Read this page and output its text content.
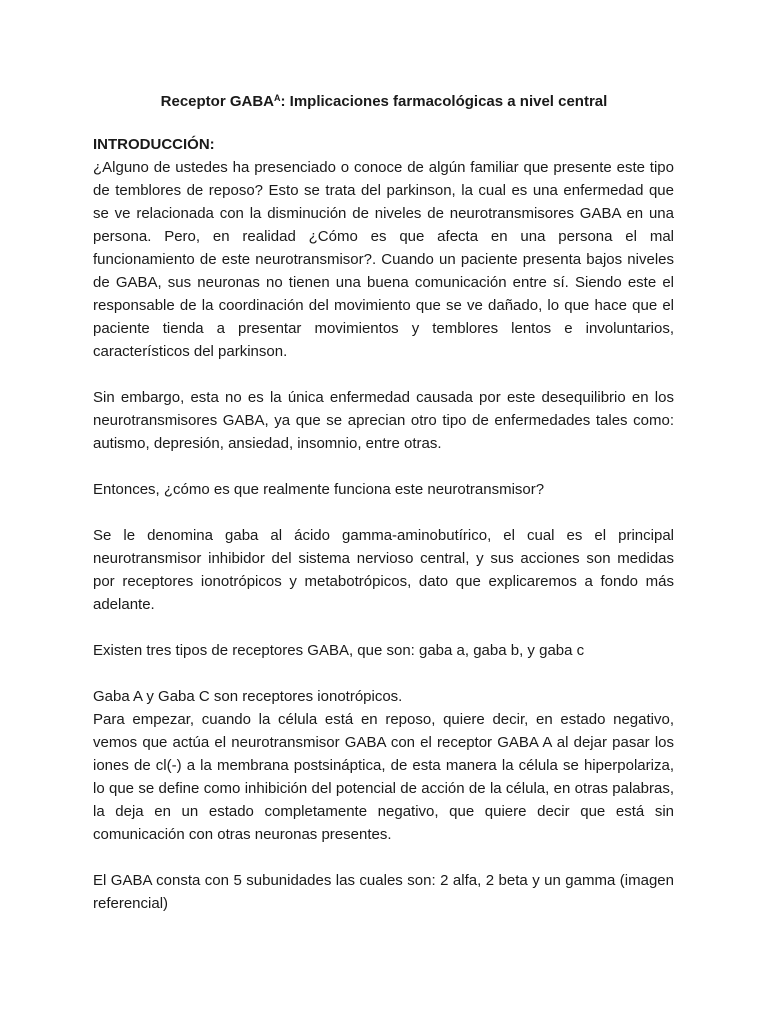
Receptor $GABA^A$: Implicaciones farmacológicas a nivel central

INTRODUCCIÓN:

¿Alguno de ustedes ha presenciado o conoce de algún familiar que presente este tipo de temblores de reposo? Esto se trata del parkinson, la cual es una enfermedad que se ve relacionada con la disminución de niveles de neurotransmisores GABA en una persona. Pero, en realidad ¿Cómo es que afecta en una persona el mal funcionamiento de este neurotransmisor?. Cuando un paciente presenta bajos niveles de GABA, sus neuronas no tienen una buena comunicación entre sí. Siendo este el responsable de la coordinación del movimiento que se ve dañado, lo que hace que el paciente tienda a presentar movimientos y temblores lentos e involuntarios, característicos del parkinson.

Sin embargo, esta no es la única enfermedad causada por este desequilibrio en los neurotransmisores GABA, ya que se aprecian otro tipo de enfermedades tales como: autismo, depresión, ansiedad, insomnio, entre otras.

Entonces, ¿cómo es que realmente funciona este neurotransmisor?

Se le denomina gaba al ácido gamma-aminobutírico, el cual es el principal neurotransmisor inhibidor del sistema nervioso central, y sus acciones son medidas por receptores ionotrópicos y metabotrópicos, dato que explicaremos a fondo más adelante.

Existen tres tipos de receptores GABA, que son: gaba a, gaba b, y gaba c

Gaba A y Gaba C son receptores ionotrópicos.

Para empezar, cuando la célula está en reposo, quiere decir, en estado negativo, vemos que actúa el neurotransmisor GABA con el receptor GABA A al dejar pasar los iones de cl(-) a la membrana postsináptica, de esta manera la célula se hiperpolariza, lo que se define como inhibición del potencial de acción de la célula, en otras palabras, la deja en un estado completamente negativo, que quiere decir que está sin comunicación con otras neuronas presentes.

El GABA consta con 5 subunidades las cuales son: 2 alfa, 2 beta y un gamma (imagen referencial)
